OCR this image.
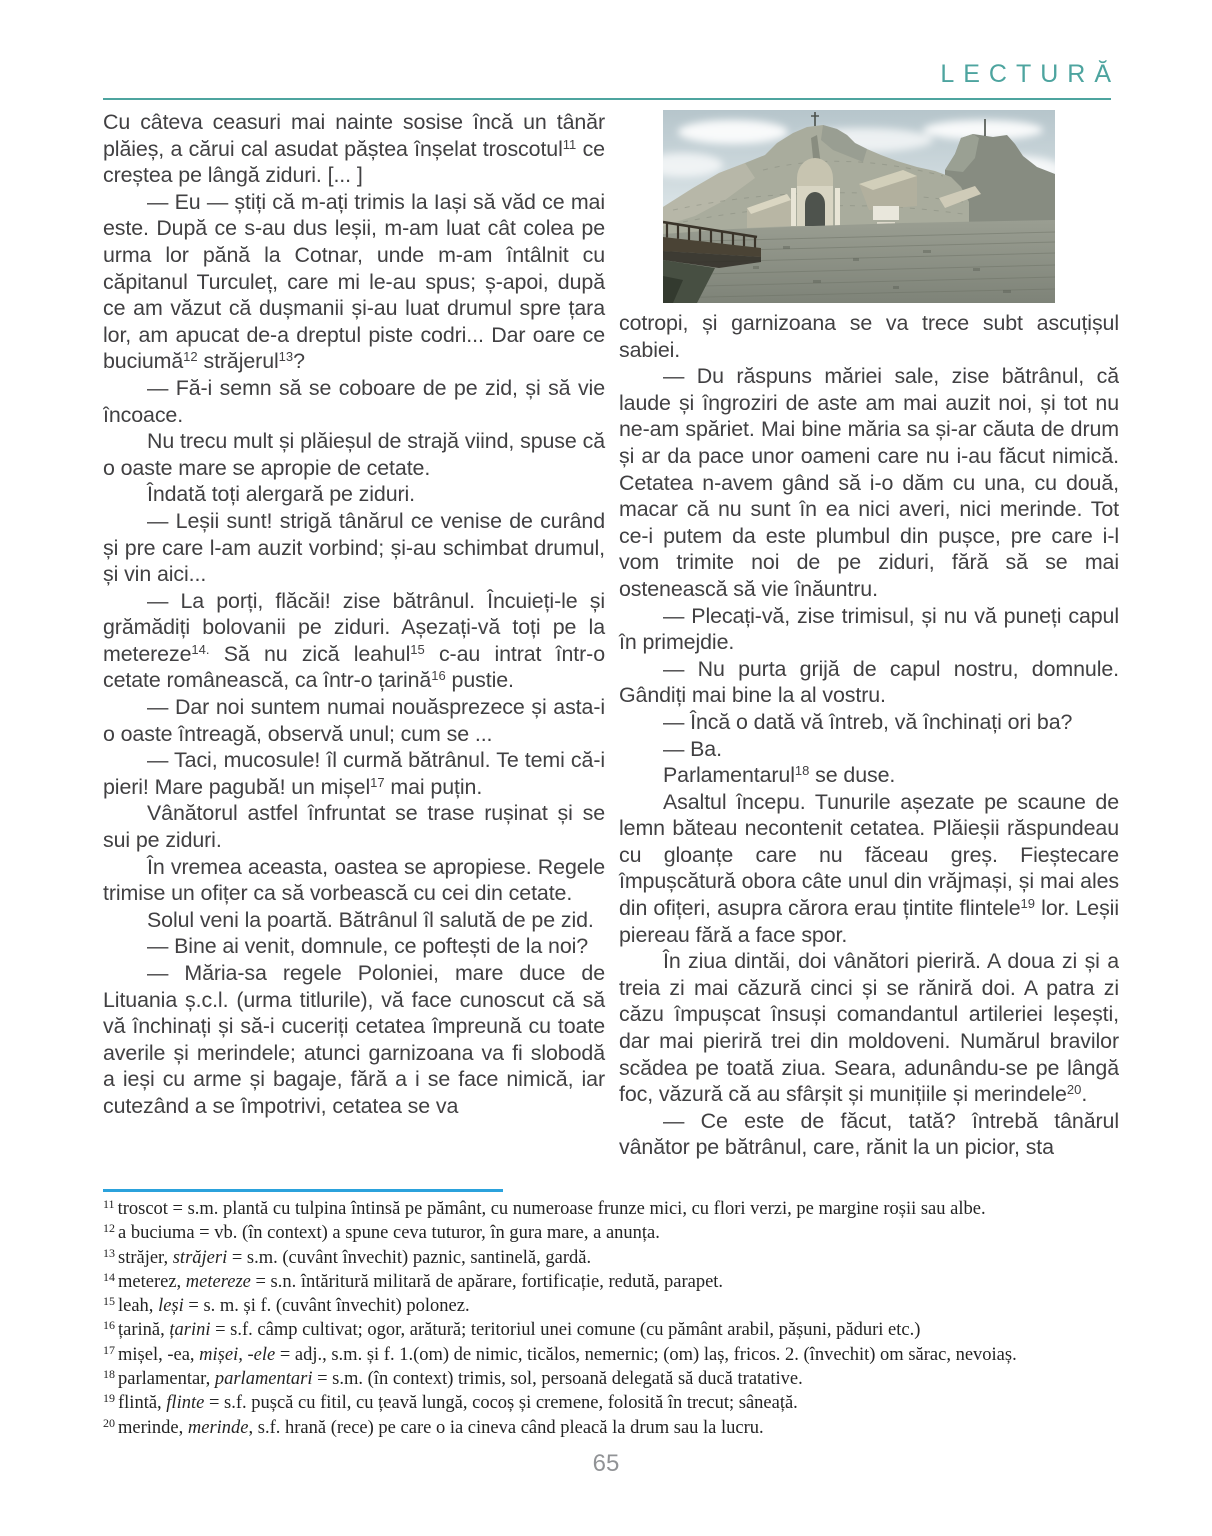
LECTURĂ

Cu câteva ceasuri mai nainte sosise încă un tânăr plăieș, a cărui cal asudat păștea înșelat troscotul$^{11}$ ce creștea pe lângă ziduri. [... ]

— Eu — știți că m-ați trimis la Iași să văd ce mai este. După ce s-au dus leșii, m-am luat cât colea pe urma lor pănă la Cotnar, unde m-am întâlnit cu căpitanul Turculeț, care mi le-au spus; ș-apoi, după ce am văzut că dușmanii și-au luat drumul spre țara lor, am apucat de-a dreptul piste codri... Dar oare ce buciumă$^{12}$ străjerul$^{13}$?

— Fă-i semn să se coboare de pe zid, și să vie încoace.

Nu trecu mult și plăieșul de strajă viind, spuse că o oaste mare se apropie de cetate.

Îndată toți alergară pe ziduri.

— Leșii sunt! strigă tânărul ce venise de curând și pre care l-am auzit vorbind; și-au schimbat drumul, și vin aici...

— La porți, flăcăi! zise bătrânul. Încuieți-le și grămădiți bolovanii pe ziduri. Așezați-vă toți pe la metereze$^{14.}$ Să nu zică leahul$^{15}$ c-au intrat într-o cetate românească, ca într-o țarină$^{16}$ pustie.

— Dar noi suntem numai nouăsprezece și asta-i o oaste întreagă, observă unul; cum se ...

— Taci, mucosule! îl curmă bătrânul. Te temi că-i pieri! Mare pagubă! un mișel$^{17}$ mai puțin.

Vânătorul astfel înfruntat se trase rușinat și se sui pe ziduri.

În vremea aceasta, oastea se apropiese. Regele trimise un ofițer ca să vorbească cu cei din cetate.

Solul veni la poartă. Bătrânul îl salută de pe zid.

— Bine ai venit, domnule, ce poftești de la noi?

— Măria-sa regele Poloniei, mare duce de Lituania ș.c.l. (urma titlurile), vă face cunoscut că să vă închinați și să-i cuceriți cetatea împreună cu toate averile și merindele; atunci garnizoana va fi slobodă a ieși cu arme și bagaje, fără a i se face nimică, iar cutezând a se împotrivi, cetatea se va

cotropi, și garnizoana se va trece subt ascuțișul sabiei.

— Du răspuns măriei sale, zise bătrânul, că laude și îngroziri de aste am mai auzit noi, și tot nu ne-am spăriet. Mai bine măria sa și-ar căuta de drum și ar da pace unor oameni care nu i-au făcut nimică. Cetatea n-avem gând să i-o dăm cu una, cu două, macar că nu sunt în ea nici averi, nici merinde. Tot ce-i putem da este plumbul din pușce, pre care i-l vom trimite noi de pe ziduri, fără să se mai ostenească să vie înăuntru.

— Plecați-vă, zise trimisul, și nu vă puneți capul în primejdie.

— Nu purta grijă de capul nostru, domnule. Gândiți mai bine la al vostru.

— Încă o dată vă întreb, vă închinați ori ba?

— Ba.

Parlamentarul$^{18}$ se duse.

Asaltul începu. Tunurile așezate pe scaune de lemn băteau necontenit cetatea. Plăieșii răspundeau cu gloanțe care nu făceau greș. Fieștecare împușcătură obora câte unul din vrăjmași, și mai ales din ofițeri, asupra cărora erau țintite flintele$^{19}$ lor. Leșii piereau fără a face spor.

În ziua dintăi, doi vânători pieriră. A doua zi și a treia zi mai căzură cinci și se răniră doi. A patra zi căzu împușcat însuși comandantul artileriei leșești, dar mai pieriră trei din moldoveni. Numărul bravilor scădea pe toată ziua. Seara, adunându-se pe lângă foc, văzură că au sfârșit și munițiile și merindele$^{20}$.

— Ce este de făcut, tată? întrebă tânărul vânător pe bătrânul, care, rănit la un picior, sta

$^{11}$ troscot = s.m. plantă cu tulpina întinsă pe pământ, cu numeroase frunze mici, cu flori verzi, pe margine roșii sau albe.
$^{12}$ a buciuma = vb. (în context) a spune ceva tuturor, în gura mare, a anunța.
$^{13}$ străjer, străjeri = s.m. (cuvânt învechit) paznic, santinelă, gardă.
$^{14}$ meterez, metereze = s.n. întăritură militară de apărare, fortificație, redută, parapet.
$^{15}$ leah, leși = s. m. și f. (cuvânt învechit) polonez.
$^{16}$ țarină, țarini = s.f. câmp cultivat; ogor, arătură; teritoriul unei comune (cu pământ arabil, pășuni, păduri etc.)
$^{17}$ mișel, -ea, mișei, -ele = adj., s.m. și f. 1.(om) de nimic, ticălos, nemernic; (om) laș, fricos. 2. (învechit) om sărac, nevoiaș.
$^{18}$ parlamentar, parlamentari = s.m. (în context) trimis, sol, persoană delegată să ducă tratative.
$^{19}$ flintă, flinte = s.f. pușcă cu fitil, cu țeavă lungă, cocoș și cremene, folosită în trecut; sâneață.
$^{20}$ merinde, merinde, s.f. hrană (rece) pe care o ia cineva când pleacă la drum sau la lucru.
65
